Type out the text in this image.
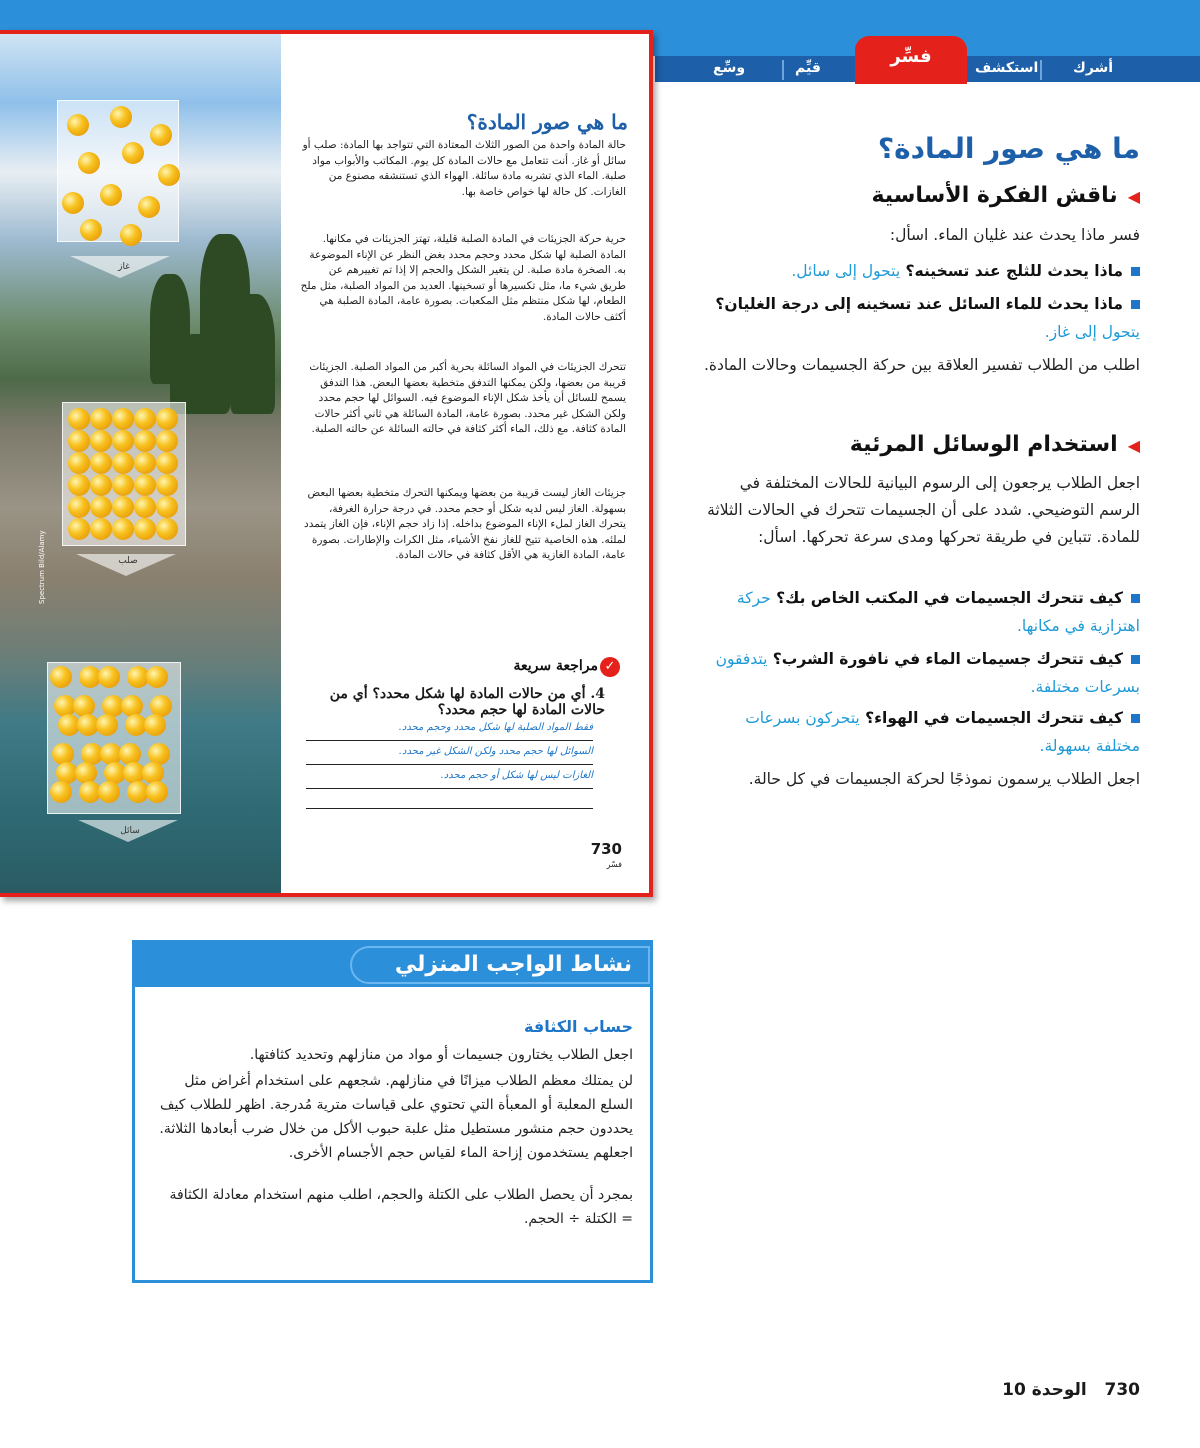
أشرك
استكشف
قيِّم
وسِّع
فسِّر
غاز
صلب
سائل
Spectrum Bild/Alamy
ما هي صور المادة؟
حالة المادة واحدة من الصور الثلاث المعتادة التي تتواجد بها المادة: صلب أو سائل أو غاز. أنت تتعامل مع حالات المادة كل يوم. المكاتب والأبواب مواد صلبة. الماء الذي تشربه مادة سائلة. الهواء الذي تستنشقه مصنوع من الغازات. كل حالة لها خواص خاصة بها.
حرية حركة الجزيئات في المادة الصلبة قليلة، تهتز الجزيئات في مكانها. المادة الصلبة لها شكل محدد وحجم محدد بغض النظر عن الإناء الموضوعة به. الصخرة مادة صلبة. لن يتغير الشكل والحجم إلا إذا تم تغييرهم عن طريق شيء ما، مثل تكسيرها أو تسخينها. العديد من المواد الصلبة، مثل ملح الطعام، لها شكل منتظم مثل المكعبات. بصورة عامة، المادة الصلبة هي أكثف حالات المادة.
تتحرك الجزيئات في المواد السائلة بحرية أكبر من المواد الصلبة. الجزيئات قريبة من بعضها، ولكن يمكنها التدفق متخطية بعضها البعض. هذا التدفق يسمح للسائل أن يأخذ شكل الإناء الموضوع فيه. السوائل لها حجم محدد ولكن الشكل غير محدد. بصورة عامة، المادة السائلة هي ثاني أكثر حالات المادة كثافة. مع ذلك، الماء أكثر كثافة في حالته السائلة عن حالته الصلبة.
جزيئات الغاز ليست قريبة من بعضها ويمكنها التحرك متخطية بعضها البعض بسهولة. الغاز ليس لديه شكل أو حجم محدد. في درجة حرارة الغرفة، يتحرك الغاز لملء الإناء الموضوع بداخله. إذا زاد حجم الإناء، فإن الغاز يتمدد لملئه. هذه الخاصية تتيح للغاز نفخ الأشياء، مثل الكرات والإطارات. بصورة عامة، المادة الغازية هي الأقل كثافة في حالات المادة.
✓
مراجعة سريعة
4. أي من حالات المادة لها شكل محدد؟ أي من حالات المادة لها حجم محدد؟
فقط المواد الصلبة لها شكل محدد وحجم محدد.
السوائل لها حجم محدد ولكن الشكل غير محدد.
الغازات ليس لها شكل أو حجم محدد.
730
فسّر
ما هي صور المادة؟
◀ناقش الفكرة الأساسية
فسر ماذا يحدث عند غليان الماء. اسأل:
ماذا يحدث للثلج عند تسخينه؟ يتحول إلى سائل.
ماذا يحدث للماء السائل عند تسخينه إلى درجة الغليان؟
يتحول إلى غاز.
اطلب من الطلاب تفسير العلاقة بين حركة الجسيمات وحالات المادة.
◀استخدام الوسائل المرئية
اجعل الطلاب يرجعون إلى الرسوم البيانية للحالات المختلفة في الرسم التوضيحي. شدد على أن الجسيمات تتحرك في الحالات الثلاثة للمادة. تتباين في طريقة تحركها ومدى سرعة تحركها. اسأل:
كيف تتحرك الجسيمات في المكتب الخاص بك؟ حركة اهتزازية في مكانها.
كيف تتحرك جسيمات الماء في نافورة الشرب؟ يتدفقون بسرعات مختلفة.
كيف تتحرك الجسيمات في الهواء؟ يتحركون بسرعات مختلفة بسهولة.
اجعل الطلاب يرسمون نموذجًا لحركة الجسيمات في كل حالة.
نشاط الواجب المنزلي
حساب الكثافة
اجعل الطلاب يختارون جسيمات أو مواد من منازلهم وتحديد كثافتها.
لن يمتلك معظم الطلاب ميزانًا في منازلهم. شجعهم على استخدام أغراض مثل السلع المعلبة أو المعبأة التي تحتوي على قياسات مترية مُدرجة. اظهر للطلاب كيف يحددون حجم منشور مستطيل مثل علبة حبوب الأكل من خلال ضرب أبعادها الثلاثة. اجعلهم يستخدمون إزاحة الماء لقياس حجم الأجسام الأخرى.
بمجرد أن يحصل الطلاب على الكتلة والحجم، اطلب منهم استخدام معادلة الكثافة = الكتلة ÷ الحجم.
730   الوحدة 10
